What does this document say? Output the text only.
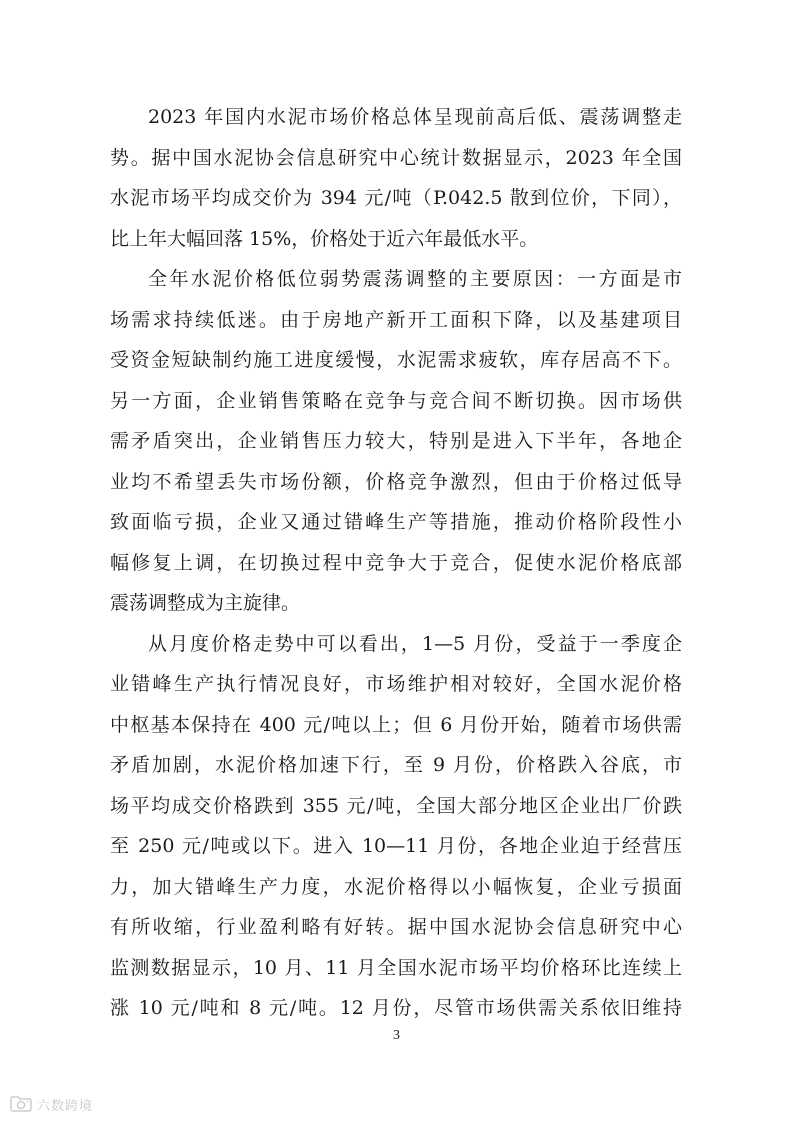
2023 年国内水泥市场价格总体呈现前高后低、震荡调整走
势。据中国水泥协会信息研究中心统计数据显示，2023 年全国
水泥市场平均成交价为 394 元/吨（P.042.5 散到位价，下同），
比上年大幅回落 15%，价格处于近六年最低水平。
全年水泥价格低位弱势震荡调整的主要原因：一方面是市
场需求持续低迷。由于房地产新开工面积下降，以及基建项目
受资金短缺制约施工进度缓慢，水泥需求疲软，库存居高不下。
另一方面，企业销售策略在竞争与竞合间不断切换。因市场供
需矛盾突出，企业销售压力较大，特别是进入下半年，各地企
业均不希望丢失市场份额，价格竞争激烈，但由于价格过低导
致面临亏损，企业又通过错峰生产等措施，推动价格阶段性小
幅修复上调，在切换过程中竞争大于竞合，促使水泥价格底部
震荡调整成为主旋律。
从月度价格走势中可以看出，1—5 月份，受益于一季度企
业错峰生产执行情况良好，市场维护相对较好，全国水泥价格
中枢基本保持在 400 元/吨以上；但 6 月份开始，随着市场供需
矛盾加剧，水泥价格加速下行，至 9 月份，价格跌入谷底，市
场平均成交价格跌到 355 元/吨，全国大部分地区企业出厂价跌
至 250 元/吨或以下。进入 10—11 月份，各地企业迫于经营压
力，加大错峰生产力度，水泥价格得以小幅恢复，企业亏损面
有所收缩，行业盈利略有好转。据中国水泥协会信息研究中心
监测数据显示，10 月、11 月全国水泥市场平均价格环比连续上
涨 10 元/吨和 8 元/吨。12 月份，尽管市场供需关系依旧维持
3
六数跨境
